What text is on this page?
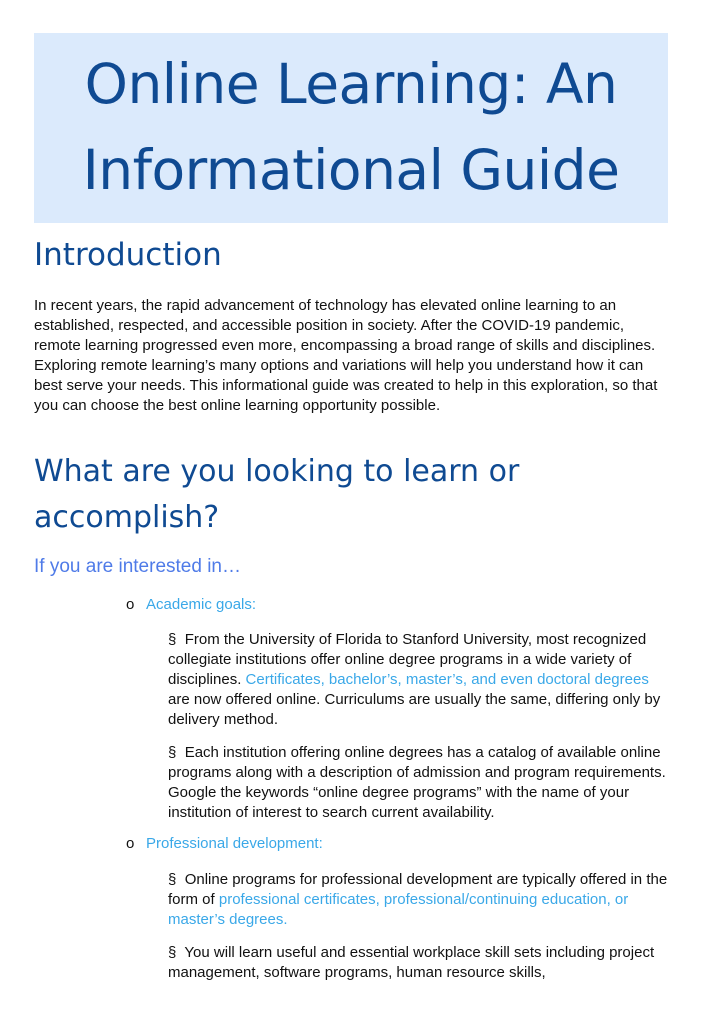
Online Learning: An
Informational Guide
Introduction
In recent years, the rapid advancement of technology has elevated online learning to an established, respected, and accessible position in society. After the COVID-19 pandemic, remote learning progressed even more, encompassing a broad range of skills and disciplines. Exploring remote learning’s many options and variations will help you understand how it can best serve your needs. This informational guide was created to help in this exploration, so that you can choose the best online learning opportunity possible.
What are you looking to learn or accomplish?
If you are interested in…
o Academic goals:
§ From the University of Florida to Stanford University, most recognized collegiate institutions offer online degree programs in a wide variety of disciplines. Certificates, bachelor’s, master’s, and even doctoral degrees are now offered online. Curriculums are usually the same, differing only by delivery method.
§ Each institution offering online degrees has a catalog of available online programs along with a description of admission and program requirements. Google the keywords “online degree programs” with the name of your institution of interest to search current availability.
o Professional development:
§ Online programs for professional development are typically offered in the form of professional certificates, professional/continuing education, or master’s degrees.
§ You will learn useful and essential workplace skill sets including project management, software programs, human resource skills,
